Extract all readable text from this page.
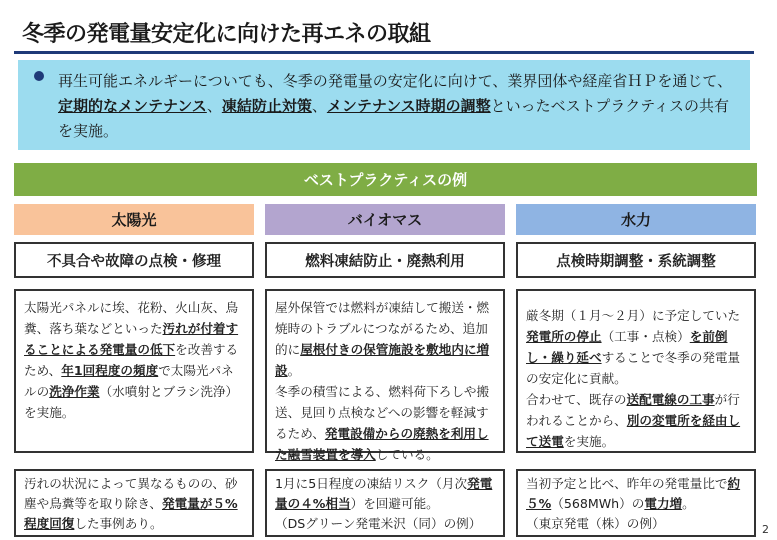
冬季の発電量安定化に向けた再エネの取組
再生可能エネルギーについても、冬季の発電量の安定化に向けて、業界団体や経産省ＨＰを通じて、定期的なメンテナンス、凍結防止対策、メンテナンス時期の調整といったベストプラクティスの共有を実施。
ベストプラクティスの例
太陽光
不具合や故障の点検・修理
太陽光パネルに埃、花粉、火山灰、鳥糞、落ち葉などといった汚れが付着することによる発電量の低下を改善するため、年1回程度の頻度で太陽光パネルの洗浄作業（水噴射とブラシ洗浄）を実施。
汚れの状況によって異なるものの、砂塵や鳥糞等を取り除き、発電量が５%程度回復した事例あり。
バイオマス
燃料凍結防止・廃熱利用
屋外保管では燃料が凍結して搬送・燃焼時のトラブルにつながるため、追加的に屋根付きの保管施設を敷地内に増設。
冬季の積雪による、燃料荷下ろしや搬送、見回り点検などへの影響を軽減するため、発電設備からの廃熱を利用した融雪装置を導入している。
1月に5日程度の凍結リスク（月次発電量の４%相当）を回避可能。
（DSグリーン発電米沢（同）の例）
水力
点検時期調整・系統調整
厳冬期（１月～２月）に予定していた発電所の停止（工事・点検）を前倒し・繰り延べすることで冬季の発電量の安定化に貢献。
合わせて、既存の送配電線の工事が行われることから、別の変電所を経由して送電を実施。
当初予定と比べ、昨年の発電量比で約５%（568MWh）の電力増。
（東京発電（株）の例）	2
